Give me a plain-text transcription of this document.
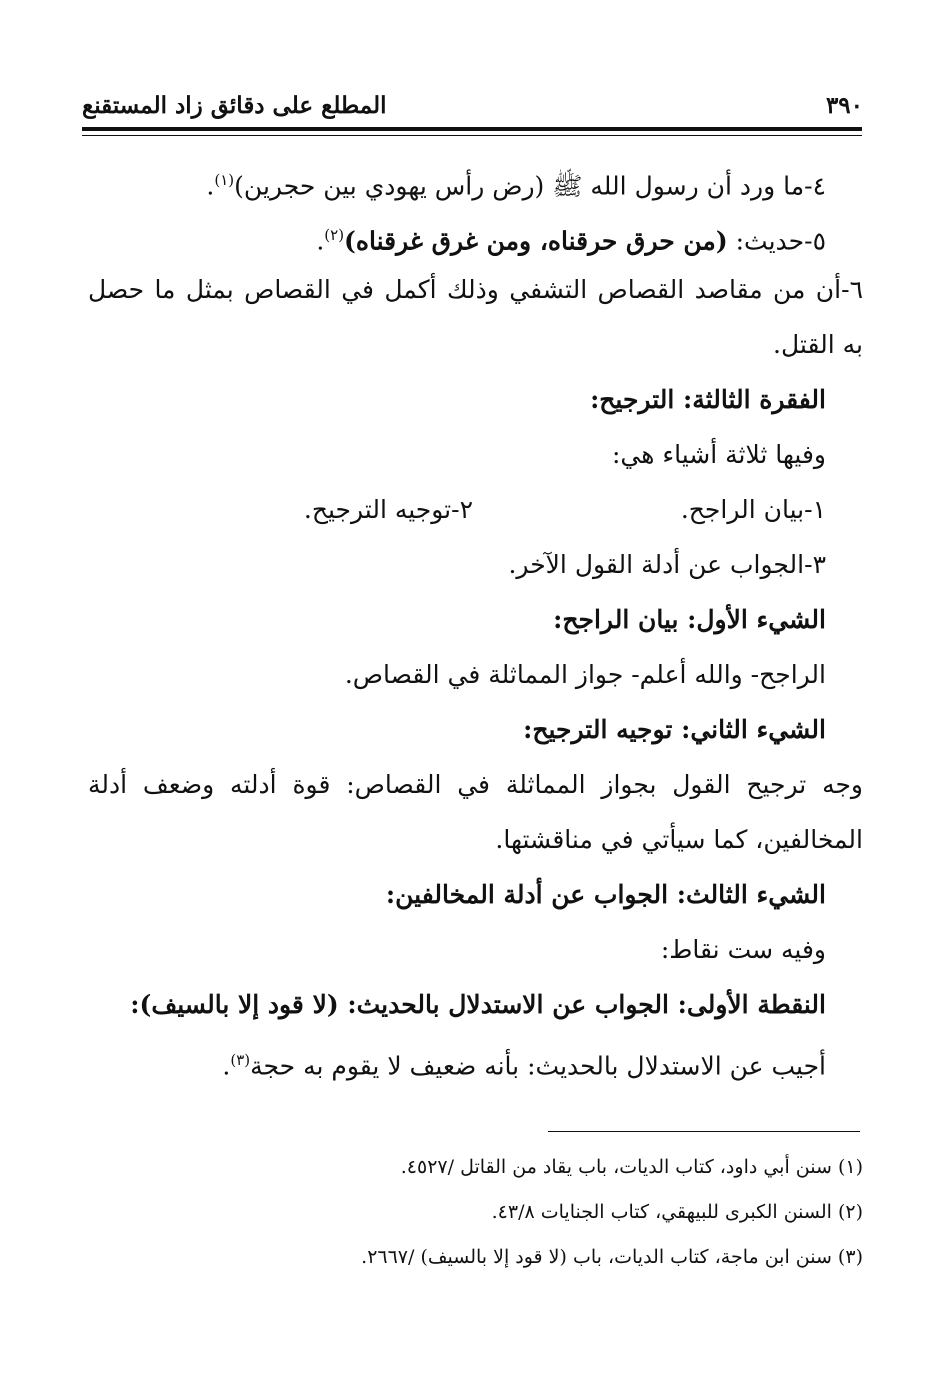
٣٩٠
المطلع على دقائق زاد المستقنع
٤-ما ورد أن رسول الله ﷺ (رض رأس يهودي بين حجرين)$^{(١)}$.
٥-حديث: (من حرق حرقناه، ومن غرق غرقناه)$^{(٢)}$.
٦-أن من مقاصد القصاص التشفي وذلك أكمل في القصاص بمثل ما حصل
به القتل.
الفقرة الثالثة: الترجيح:
وفيها ثلاثة أشياء هي:
١-بيان الراجح.
٢-توجيه الترجيح.
٣-الجواب عن أدلة القول الآخر.
الشيء الأول: بيان الراجح:
الراجح- والله أعلم- جواز المماثلة في القصاص.
الشيء الثاني: توجيه الترجيح:
وجه ترجيح القول بجواز المماثلة في القصاص: قوة أدلته وضعف أدلة
المخالفين، كما سيأتي في مناقشتها.
الشيء الثالث: الجواب عن أدلة المخالفين:
وفيه ست نقاط:
النقطة الأولى: الجواب عن الاستدلال بالحديث: (لا قود إلا بالسيف):
أجيب عن الاستدلال بالحديث: بأنه ضعيف لا يقوم به حجة$^{(٣)}$.
(١) سنن أبي داود، كتاب الديات، باب يقاد من القاتل /٤٥٢٧.
(٢) السنن الكبرى للبيهقي، كتاب الجنايات ٤٣/٨.
(٣) سنن ابن ماجة، كتاب الديات، باب (لا قود إلا بالسيف) /٢٦٦٧.
